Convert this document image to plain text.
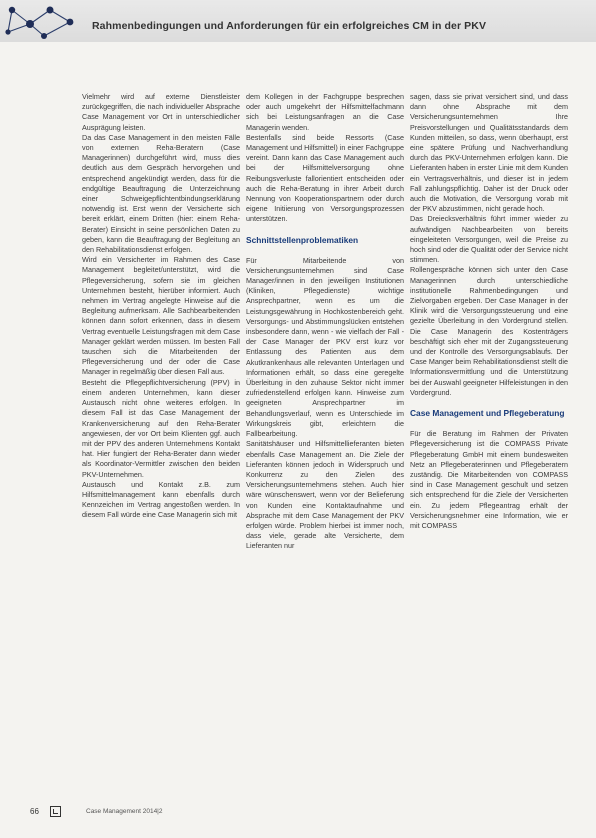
Rahmenbedingungen und Anforderungen für ein erfolgreiches CM in der PKV

Vielmehr wird auf externe Dienstleister zurückgegriffen, die nach individueller Absprache Case Management vor Ort in unterschiedlicher Ausprägung leisten.

Da das Case Management in den meisten Fälle von externen Reha-Beratern (Case Managerinnen) durchgeführt wird, muss dies deutlich aus dem Gespräch hervorgehen und entsprechend angekündigt werden, dass für die endgültige Beauftragung die Unterzeichnung einer Schweigepflichtentbindungserklärung notwendig ist. Erst wenn der Versicherte sich bereit erklärt, einem Dritten (hier: einem Reha-Berater) Einsicht in seine persönlichen Daten zu geben, kann die Beauftragung der Begleitung an den Rehabilitationsdienst erfolgen.

Wird ein Versicherter im Rahmen des Case Management begleitet/unterstützt, wird die Pflegeversicherung, sofern sie im gleichen Unternehmen besteht, hierüber informiert. Auch nehmen im Vertrag angelegte Hinweise auf die Begleitung aufmerksam. Alle Sachbearbeitenden können dann sofort erkennen, dass in diesem Vertrag eventuelle Leistungsfragen mit dem Case Manager geklärt werden müssen. Im besten Fall tauschen sich die Mitarbeitenden der Pflegeversicherung und der oder die Case Manager in regelmäßig über diesen Fall aus.

Besteht die Pflegepflichtversicherung (PPV) in einem anderen Unternehmen, kann dieser Austausch nicht ohne weiteres erfolgen. In diesem Fall ist das Case Management der Krankenversicherung auf den Reha-Berater angewiesen, der vor Ort beim Klienten ggf. auch mit der PPV des anderen Unternehmens Kontakt hat. Hier fungiert der Reha-Berater dann wieder als Koordinator-Vermittler zwischen den beiden PKV-Unternehmen.

Austausch und Kontakt z.B. zum Hilfsmittelmanagement kann ebenfalls durch Kennzeichen im Vertrag angestoßen werden. In diesem Fall würde eine Case Managerin sich mit

dem Kollegen in der Fachgruppe besprechen oder auch umgekehrt der Hilfsmittelfachmann sich bei Leistungsanfragen an die Case Managerin wenden.

Bestenfalls sind beide Ressorts (Case Management und Hilfsmittel) in einer Fachgruppe vereint. Dann kann das Case Management auch bei der Hilfsmittelversorgung ohne Reibungsverluste fallorientiert entscheiden oder auch die Reha-Beratung in ihrer Arbeit durch Nennung von Kooperationspartnern oder durch eigene Initiierung von Versorgungsprozessen unterstützen.

Schnittstellenproblematiken

Für Mitarbeitende von Versicherungsunternehmen sind Case Manager/innen in den jeweiligen Institutionen (Kliniken, Pflegedienste) wichtige Ansprechpartner, wenn es um die Leistungsgewährung in Hochkostenbereich geht. Versorgungs- und Abstimmungslücken entstehen insbesondere dann, wenn - wie vielfach der Fall - der Case Manager der PKV erst kurz vor Entlassung des Patienten aus dem Akutkrankenhaus alle relevanten Unterlagen und Informationen erhält, so dass eine geregelte Überleitung in den zuhause Sektor nicht immer zufriedenstellend erfolgen kann. Hinweise zum geeigneten Ansprechpartner im Behandlungsverlauf, wenn es Unterschiede im Wirkungskreis gibt, erleichtern die Fallbearbeitung.

Sanitätshäuser und Hilfsmittellieferanten bieten ebenfalls Case Management an. Die Ziele der Lieferanten können jedoch in Widerspruch und Konkurrenz zu den Zielen des Versicherungsunternehmens stehen. Auch hier wäre wünschenswert, wenn vor der Belieferung von Kunden eine Kontaktaufnahme und Absprache mit dem Case Management der PKV erfolgen würde. Problem hierbei ist immer noch, dass viele, gerade alte Versicherte, dem Lieferanten nur

sagen, dass sie privat versichert sind, und dass dann ohne Absprache mit dem Versicherungsunternehmen Ihre Preisvorstellungen und Qualitätsstandards dem Kunden mitteilen, so dass, wenn überhaupt, erst eine spätere Prüfung und Nachverhandlung durch das PKV-Unternehmen erfolgen kann. Die Lieferanten haben in erster Linie mit dem Kunden ein Vertragsverhältnis, und dieser ist in jedem Fall zahlungspflichtig. Daher ist der Druck oder auch die Motivation, die Versorgung vorab mit der PKV abzustimmen, nicht gerade hoch.

Das Dreiecksverhältnis führt immer wieder zu aufwändigen Nachbearbeiten von bereits eingeleiteten Versorgungen, weil die Preise zu hoch sind oder die Qualität oder der Service nicht stimmen.

Rollengespräche können sich unter den Case Managerinnen durch unterschiedliche institutionelle Rahmenbedingungen und Zielvorgaben ergeben. Der Case Manager in der Klinik wird die Versorgungssteuerung und eine gezielte Überleitung in den Vordergrund stellen. Die Case Managerin des Kostenträgers beschäftigt sich eher mit der Zugangssteuerung und der Kontrolle des Versorgungsablaufs. Der Case Manger beim Rehabilitationsdienst stellt die Informationsvermittlung und die Unterstützung bei der Auswahl geeigneter Hilfeleistungen in den Vordergrund.

Case Management und Pflegeberatung

Für die Beratung im Rahmen der Privaten Pflegeversicherung ist die COMPASS Private Pflegeberatung GmbH mit einem bundesweiten Netz an Pflegeberaterinnen und Pflegeberatern zuständig. Die Mitarbeitenden von COMPASS sind in Case Management geschult und setzen sich entsprechend für die Ziele der Versicherten ein. Zu jedem Pflegeantrag erhält der Versicherungsnehmer eine Information, wie er mit COMPASS

66	Case Management 2014|2
